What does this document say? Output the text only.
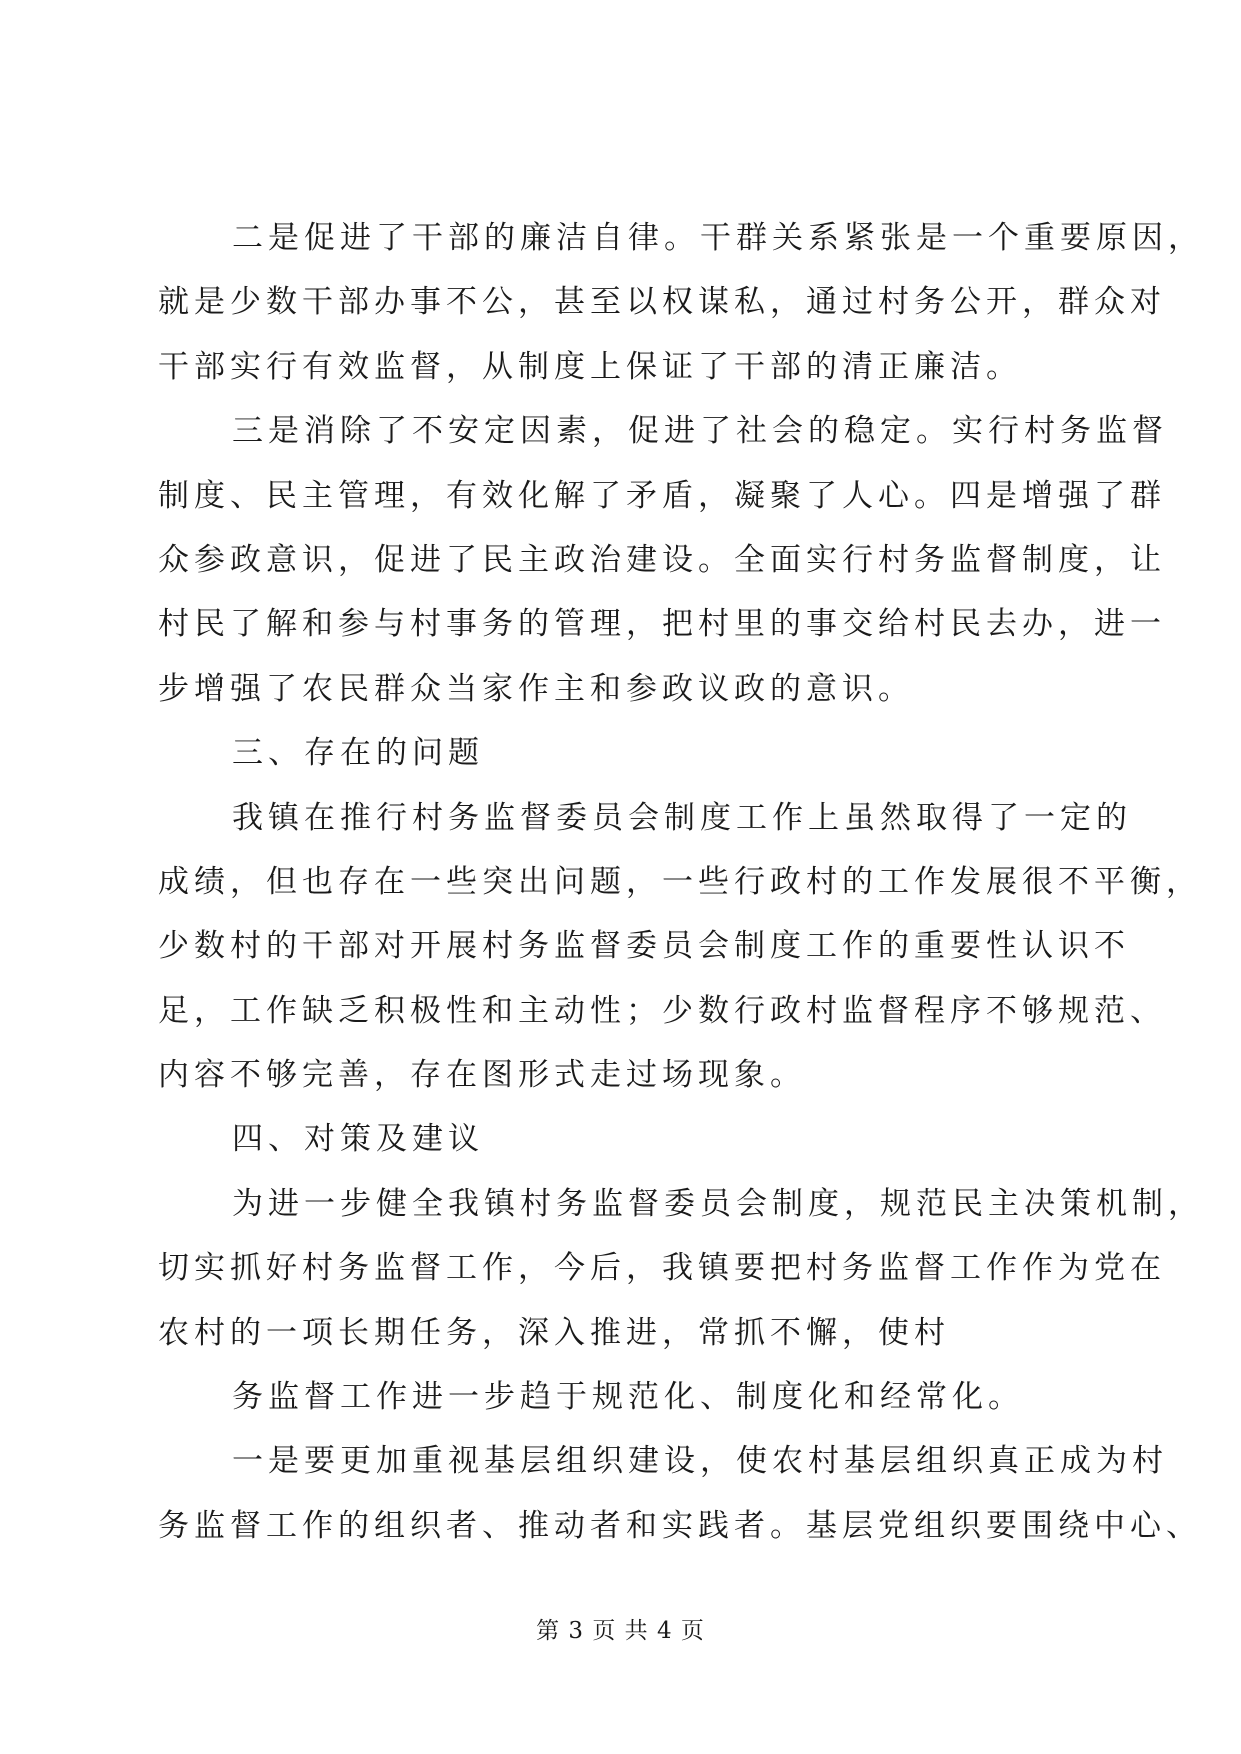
二是促进了干部的廉洁自律。干群关系紧张是一个重要原因，
就是少数干部办事不公，甚至以权谋私，通过村务公开，群众对
干部实行有效监督，从制度上保证了干部的清正廉洁。
三是消除了不安定因素，促进了社会的稳定。实行村务监督
制度、民主管理，有效化解了矛盾，凝聚了人心。四是增强了群
众参政意识，促进了民主政治建设。全面实行村务监督制度，让
村民了解和参与村事务的管理，把村里的事交给村民去办，进一
步增强了农民群众当家作主和参政议政的意识。
三、存在的问题
我镇在推行村务监督委员会制度工作上虽然取得了一定的
成绩，但也存在一些突出问题，一些行政村的工作发展很不平衡，
少数村的干部对开展村务监督委员会制度工作的重要性认识不
足，工作缺乏积极性和主动性；少数行政村监督程序不够规范、
内容不够完善，存在图形式走过场现象。
四、对策及建议
为进一步健全我镇村务监督委员会制度，规范民主决策机制，
切实抓好村务监督工作，今后，我镇要把村务监督工作作为党在
农村的一项长期任务，深入推进，常抓不懈，使村
务监督工作进一步趋于规范化、制度化和经常化。
一是要更加重视基层组织建设，使农村基层组织真正成为村
务监督工作的组织者、推动者和实践者。基层党组织要围绕中心、
第 3 页 共 4 页
